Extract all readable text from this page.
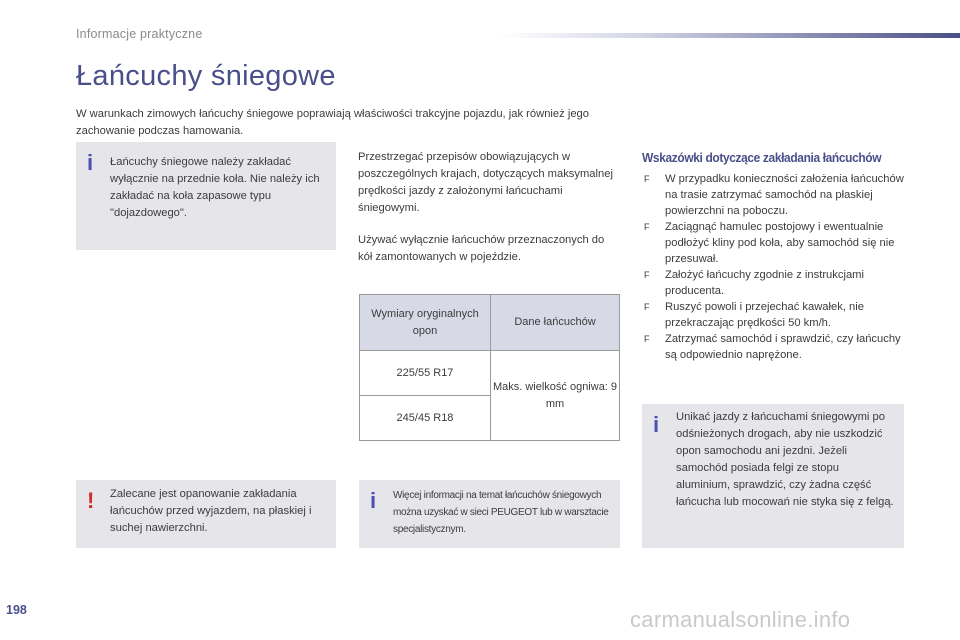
Informacje praktyczne
Łańcuchy śniegowe

W warunkach zimowych łańcuchy śniegowe poprawiają właściwości trakcyjne pojazdu, jak również jego zachowanie podczas hamowania.

i	Łańcuchy śniegowe należy zakładać wyłącznie na przednie koła. Nie należy ich zakładać na koła zapasowe typu "dojazdowego".

Przestrzegać przepisów obowiązujących w poszczególnych krajach, dotyczących maksymalnej prędkości jazdy z założonymi łańcuchami śniegowymi.

Używać wyłącznie łańcuchów przeznaczonych do kół zamontowanych w pojeździe.

Wymiary oryginalnych opon	Dane łańcuchów
225/55 R17	Maks. wielkość ogniwa: 9 mm
245/45 R18	
Wskazówki dotyczące zakładania łańcuchów
F W przypadku konieczności założenia łańcuchów na trasie zatrzymać samochód na płaskiej powierzchni na poboczu.
F Zaciągnąć hamulec postojowy i ewentualnie podłożyć kliny pod koła, aby samochód się nie przesuwał.
F Założyć łańcuchy zgodnie z instrukcjami producenta.
F Ruszyć powoli i przejechać kawałek, nie przekraczając prędkości 50 km/h.
F Zatrzymać samochód i sprawdzić, czy łańcuchy są odpowiednio naprężone.
i	Unikać jazdy z łańcuchami śniegowymi po odśnieżonych drogach, aby nie uszkodzić opon samochodu ani jezdni. Jeżeli samochód posiada felgi ze stopu aluminium, sprawdzić, czy żadna część łańcucha lub mocowań nie styka się z felgą.

!	Zalecane jest opanowanie zakładania łańcuchów przed wyjazdem, na płaskiej i suchej nawierzchni.

i	Więcej informacji na temat łańcuchów śniegowych można uzyskać w sieci PEUGEOT lub w warsztacie specjalistycznym.

198	carmanualsonline.info
